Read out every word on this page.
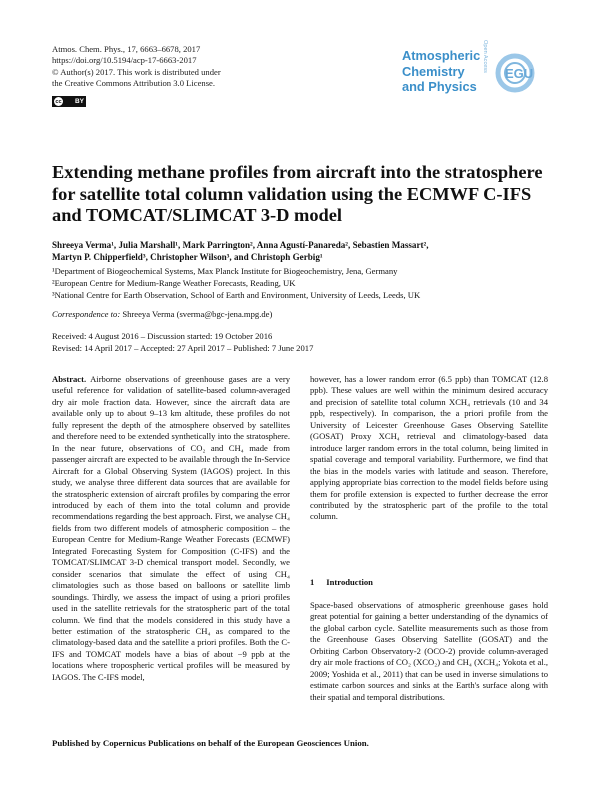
Atmos. Chem. Phys., 17, 6663–6678, 2017
https://doi.org/10.5194/acp-17-6663-2017
© Author(s) 2017. This work is distributed under
the Creative Commons Attribution 3.0 License.
cc BY
Atmospheric
Chemistry
and Physics
Open Access
EGU
Extending methane profiles from aircraft into the stratosphere for satellite total column validation using the ECMWF C-IFS and TOMCAT/SLIMCAT 3-D model
Shreeya Verma¹, Julia Marshall¹, Mark Parrington², Anna Agustí-Panareda², Sebastien Massart²,
Martyn P. Chipperfield³, Christopher Wilson³, and Christoph Gerbig¹
¹Department of Biogeochemical Systems, Max Planck Institute for Biogeochemistry, Jena, Germany
²European Centre for Medium-Range Weather Forecasts, Reading, UK
³National Centre for Earth Observation, School of Earth and Environment, University of Leeds, Leeds, UK
Correspondence to: Shreeya Verma (sverma@bgc-jena.mpg.de)
Received: 4 August 2016 – Discussion started: 19 October 2016
Revised: 14 April 2017 – Accepted: 27 April 2017 – Published: 7 June 2017

Abstract. Airborne observations of greenhouse gases are a very useful reference for validation of satellite-based column-averaged dry air mole fraction data. However, since the aircraft data are available only up to about 9–13 km altitude, these profiles do not fully represent the depth of the atmosphere observed by satellites and therefore need to be extended synthetically into the stratosphere. In the near future, observations of CO₂ and CH₄ made from passenger aircraft are expected to be available through the In-Service Aircraft for a Global Observing System (IAGOS) project. In this study, we analyse three different data sources that are available for the stratospheric extension of aircraft profiles by comparing the error introduced by each of them into the total column and provide recommendations regarding the best approach. First, we analyse CH₄ fields from two different models of atmospheric composition – the European Centre for Medium-Range Weather Forecasts (ECMWF) Integrated Forecasting System for Composition (C-IFS) and the TOMCAT/SLIMCAT 3-D chemical transport model. Secondly, we consider scenarios that simulate the effect of using CH₄ climatologies such as those based on balloons or satellite limb soundings. Thirdly, we assess the impact of using a priori profiles used in the satellite retrievals for the stratospheric part of the total column. We find that the models considered in this study have a better estimation of the stratospheric CH₄ as compared to the climatology-based data and the satellite a priori profiles. Both the C-IFS and TOMCAT models have a bias of about −9 ppb at the locations where tropospheric vertical profiles will be measured by IAGOS. The C-IFS model,

however, has a lower random error (6.5 ppb) than TOMCAT (12.8 ppb). These values are well within the minimum desired accuracy and precision of satellite total column XCH₄ retrievals (10 and 34 ppb, respectively). In comparison, the a priori profile from the University of Leicester Greenhouse Gases Observing Satellite (GOSAT) Proxy XCH₄ retrieval and climatology-based data introduce larger random errors in the total column, being limited in spatial coverage and temporal variability. Furthermore, we find that the bias in the models varies with latitude and season. Therefore, applying appropriate bias correction to the model fields before using them for profile extension is expected to further decrease the error contributed by the stratospheric part of the profile to the total column.

1 Introduction
Space-based observations of atmospheric greenhouse gases hold great potential for gaining a better understanding of the dynamics of the global carbon cycle. Satellite measurements such as those from the Greenhouse Gases Observing Satellite (GOSAT) and the Orbiting Carbon Observatory-2 (OCO-2) provide column-averaged dry air mole fractions of CO₂ (XCO₂) and CH₄ (XCH₄; Yokota et al., 2009; Yoshida et al., 2011) that can be used in inverse simulations to estimate carbon sources and sinks at the Earth's surface along with their spatial and temporal distributions.
Published by Copernicus Publications on behalf of the European Geosciences Union.
